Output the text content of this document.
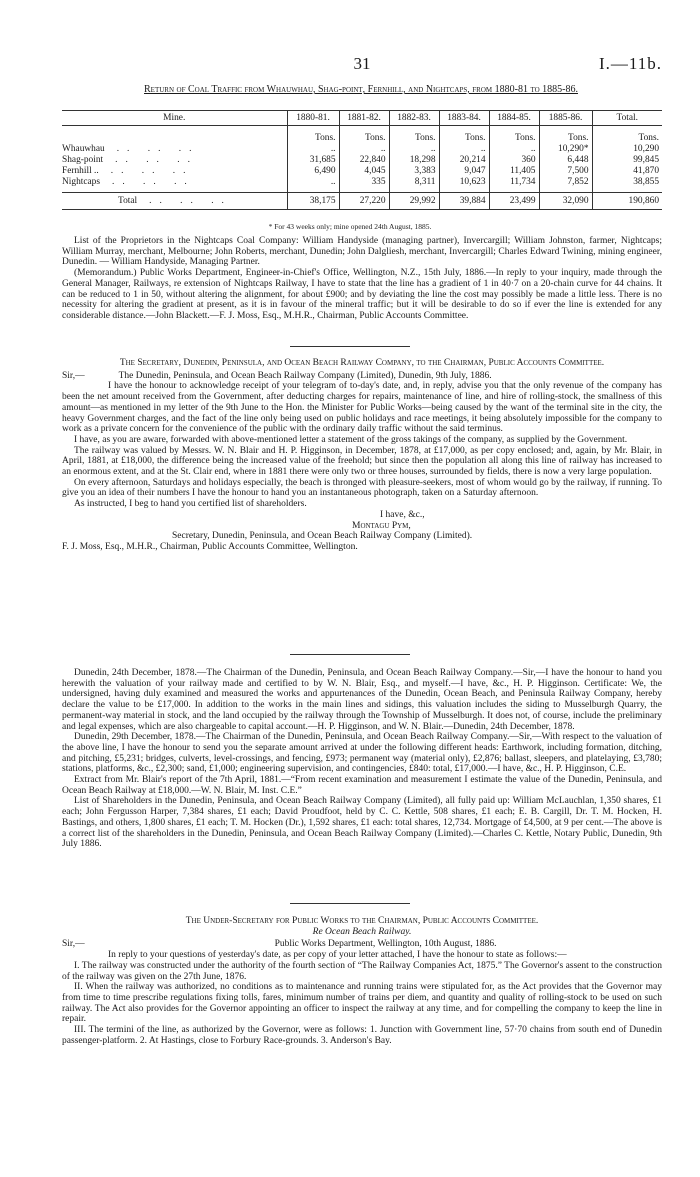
31	I.—11b.
Return of Coal Traffic from Whauwhau, Shag-point, Fernhill, and Nightcaps, from 1880-81 to 1885-86.
Mine.	1880-81.	1881-82.	1882-83.	1883-84.	1884-85.	1885-86.	Total.
	Tons.	Tons.	Tons.	Tons.	Tons.	Tons.	Tons.
Whauwhau .. .. ..	..	..	..	..	..	10,290*	10,290
Shag-point .. .. ..	31,685	22,840	18,298	20,214	360	6,448	99,845
Fernhill .. .. .. ..	6,490	4,045	3,383	9,047	11,405	7,500	41,870
Nightcaps .. .. ..	..	335	8,311	10,623	11,734	7,852	38,855
Total .. .. ..	38,175	27,220	29,992	39,884	23,499	32,090	190,860
* For 43 weeks only; mine opened 24th August, 1885.

List of the Proprietors in the Nightcaps Coal Company: William Handyside (managing partner), Invercargill; William Johnston, farmer, Nightcaps; William Murray, merchant, Melbourne; John Roberts, merchant, Dunedin; John Dalgliesh, merchant, Invercargill; Charles Edward Twining, mining engineer, Dunedin. — William Handyside, Managing Partner.

(Memorandum.) Public Works Department, Engineer-in-Chief's Office, Wellington, N.Z., 15th July, 1886.—In reply to your inquiry, made through the General Manager, Railways, re extension of Nightcaps Railway, I have to state that the line has a gradient of 1 in 40·7 on a 20-chain curve for 44 chains. It can be reduced to 1 in 50, without altering the alignment, for about £900; and by deviating the line the cost may possibly be made a little less. There is no necessity for altering the gradient at present, as it is in favour of the mineral traffic; but it will be desirable to do so if ever the line is extended for any considerable distance.—John Blackett.—F. J. Moss, Esq., M.H.R., Chairman, Public Accounts Committee.

The Secretary, Dunedin, Peninsula, and Ocean Beach Railway Company, to the Chairman, Public Accounts Committee.

Sir,—	The Dunedin, Peninsula, and Ocean Beach Railway Company (Limited), Dunedin, 9th July, 1886.

I have the honour to acknowledge receipt of your telegram of to-day's date, and, in reply, advise you that the only revenue of the company has been the net amount received from the Government, after deducting charges for repairs, maintenance of line, and hire of rolling-stock, the smallness of this amount—as mentioned in my letter of the 9th June to the Hon. the Minister for Public Works—being caused by the want of the terminal site in the city, the heavy Government charges, and the fact of the line only being used on public holidays and race meetings, it being absolutely impossible for the company to work as a private concern for the convenience of the public with the ordinary daily traffic without the said terminus.

I have, as you are aware, forwarded with above-mentioned letter a statement of the gross takings of the company, as supplied by the Government.

The railway was valued by Messrs. W. N. Blair and H. P. Higginson, in December, 1878, at £17,000, as per copy enclosed; and, again, by Mr. Blair, in April, 1881, at £18,000, the difference being the increased value of the freehold; but since then the population all along this line of railway has increased to an enormous extent, and at the St. Clair end, where in 1881 there were only two or three houses, surrounded by fields, there is now a very large population.

On every afternoon, Saturdays and holidays especially, the beach is thronged with pleasure-seekers, most of whom would go by the railway, if running. To give you an idea of their numbers I have the honour to hand you an instantaneous photograph, taken on a Saturday afternoon.

As instructed, I beg to hand you certified list of shareholders.

I have, &c.,

Montagu Pym,

Secretary, Dunedin, Peninsula, and Ocean Beach Railway Company (Limited).

F. J. Moss, Esq., M.H.R., Chairman, Public Accounts Committee, Wellington.

Dunedin, 24th December, 1878.—The Chairman of the Dunedin, Peninsula, and Ocean Beach Railway Company.—Sir,—I have the honour to hand you herewith the valuation of your railway made and certified to by W. N. Blair, Esq., and myself.—I have, &c., H. P. Higginson. Certificate: We, the undersigned, having duly examined and measured the works and appurtenances of the Dunedin, Ocean Beach, and Peninsula Railway Company, hereby declare the value to be £17,000. In addition to the works in the main lines and sidings, this valuation includes the siding to Musselburgh Quarry, the permanent-way material in stock, and the land occupied by the railway through the Township of Musselburgh. It does not, of course, include the preliminary and legal expenses, which are also chargeable to capital account.—H. P. Higginson, and W. N. Blair.—Dunedin, 24th December, 1878.

Dunedin, 29th December, 1878.—The Chairman of the Dunedin, Peninsula, and Ocean Beach Railway Company.—Sir,—With respect to the valuation of the above line, I have the honour to send you the separate amount arrived at under the following different heads: Earthwork, including formation, ditching, and pitching, £5,231; bridges, culverts, level-crossings, and fencing, £973; permanent way (material only), £2,876; ballast, sleepers, and platelaying, £3,780; stations, platforms, &c., £2,300; sand, £1,000; engineering supervision, and contingencies, £840: total, £17,000.—I have, &c., H. P. Higginson, C.E.

Extract from Mr. Blair's report of the 7th April, 1881.—“From recent examination and measurement I estimate the value of the Dunedin, Peninsula, and Ocean Beach Railway at £18,000.—W. N. Blair, M. Inst. C.E.”

List of Shareholders in the Dunedin, Peninsula, and Ocean Beach Railway Company (Limited), all fully paid up: William McLauchlan, 1,350 shares, £1 each; John Fergusson Harper, 7,384 shares, £1 each; David Proudfoot, held by C. C. Kettle, 508 shares, £1 each; E. B. Cargill, Dr. T. M. Hocken, H. Bastings, and others, 1,800 shares, £1 each; T. M. Hocken (Dr.), 1,592 shares, £1 each: total shares, 12,734. Mortgage of £4,500, at 9 per cent.—The above is a correct list of the shareholders in the Dunedin, Peninsula, and Ocean Beach Railway Company (Limited).—Charles C. Kettle, Notary Public, Dunedin, 9th July 1886.

The Under-Secretary for Public Works to the Chairman, Public Accounts Committee.

Re Ocean Beach Railway.

Sir,—	Public Works Department, Wellington, 10th August, 1886.

In reply to your questions of yesterday's date, as per copy of your letter attached, I have the honour to state as follows:—

I. The railway was constructed under the authority of the fourth section of “The Railway Companies Act, 1875.” The Governor's assent to the construction of the railway was given on the 27th June, 1876.

II. When the railway was authorized, no conditions as to maintenance and running trains were stipulated for, as the Act provides that the Governor may from time to time prescribe regulations fixing tolls, fares, minimum number of trains per diem, and quantity and quality of rolling-stock to be used on such railway. The Act also provides for the Governor appointing an officer to inspect the railway at any time, and for compelling the company to keep the line in repair.

III. The termini of the line, as authorized by the Governor, were as follows: 1. Junction with Government line, 57·70 chains from south end of Dunedin passenger-platform. 2. At Hastings, close to Forbury Race-grounds. 3. Anderson's Bay.
